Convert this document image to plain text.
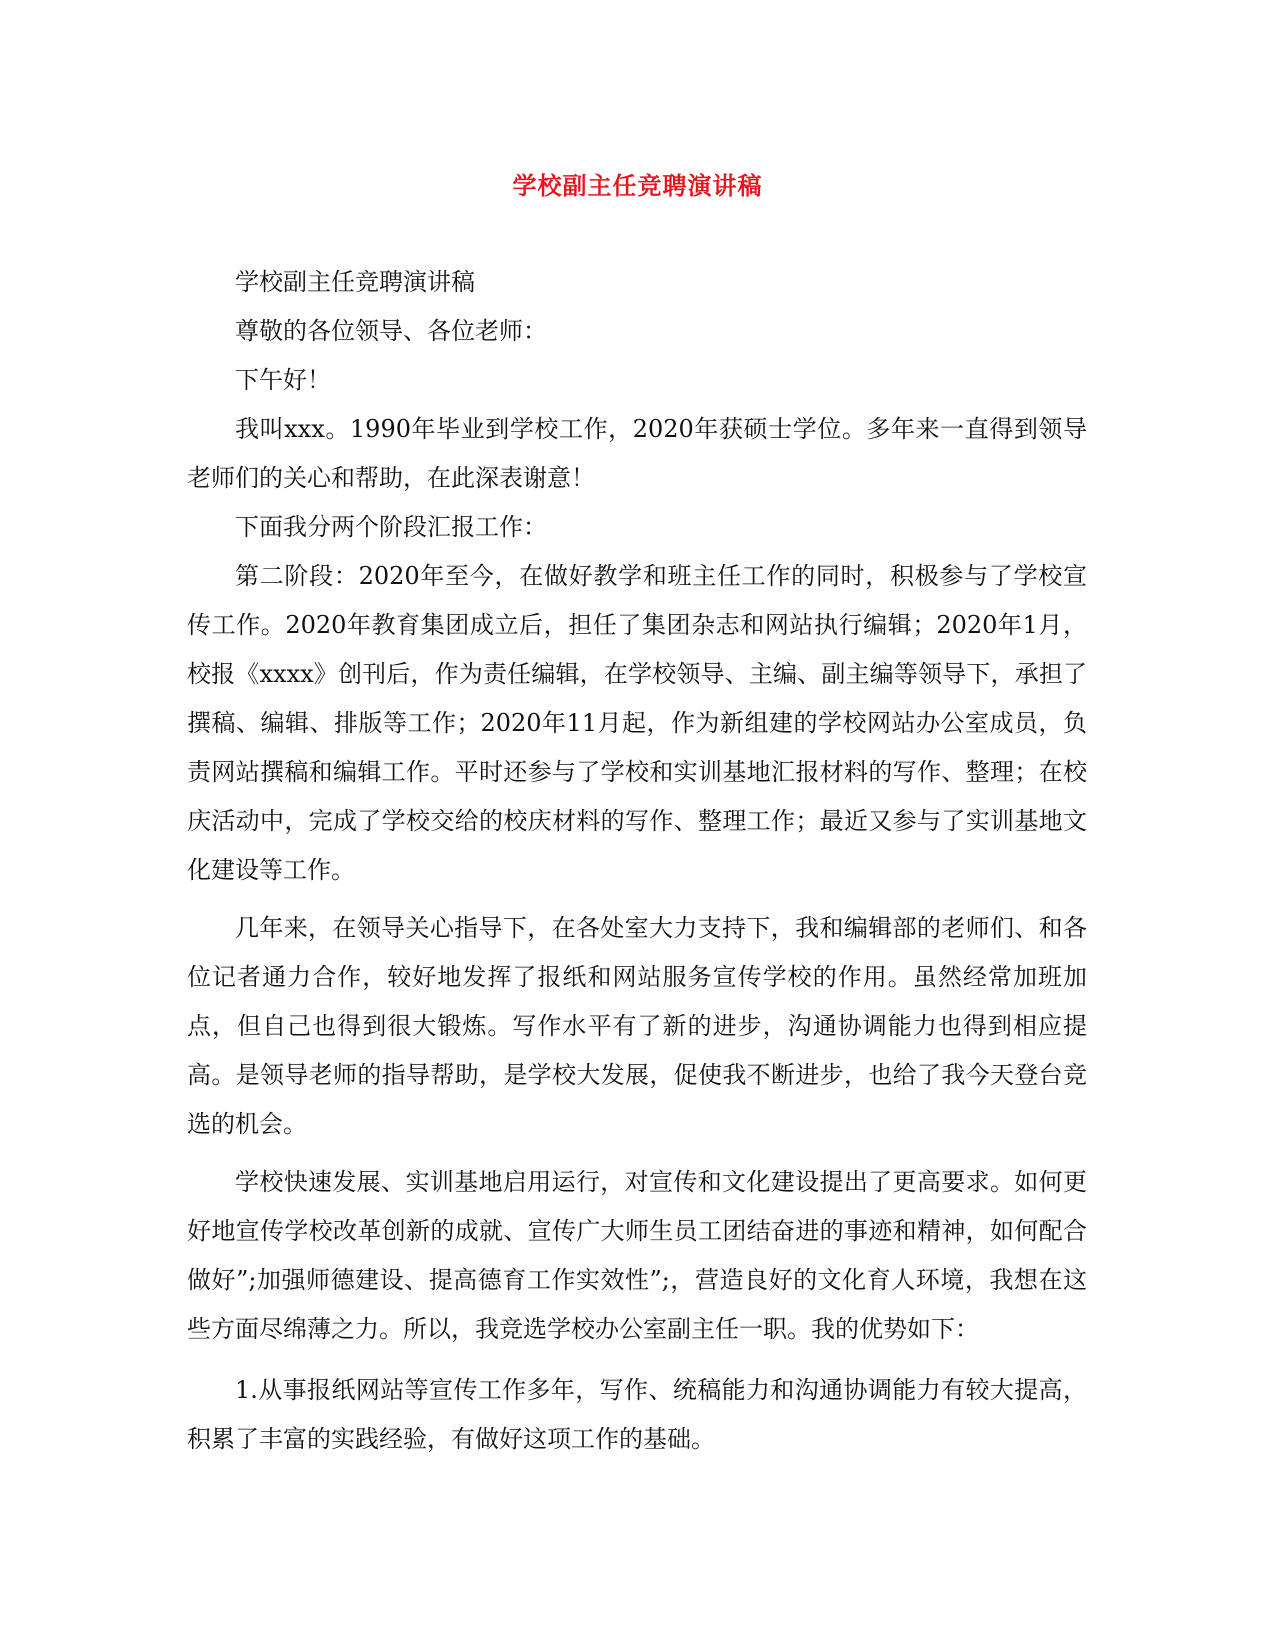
学校副主任竞聘演讲稿

学校副主任竞聘演讲稿

尊敬的各位领导、各位老师：

下午好！

我叫xxx。1990年毕业到学校工作，2020年获硕士学位。多年来一直得到领导老师们的关心和帮助，在此深表谢意！

下面我分两个阶段汇报工作：

第二阶段：2020年至今，在做好教学和班主任工作的同时，积极参与了学校宣传工作。2020年教育集团成立后，担任了集团杂志和网站执行编辑；2020年1月，校报《xxxx》创刊后，作为责任编辑，在学校领导、主编、副主编等领导下，承担了撰稿、编辑、排版等工作；2020年11月起，作为新组建的学校网站办公室成员，负责网站撰稿和编辑工作。平时还参与了学校和实训基地汇报材料的写作、整理；在校庆活动中，完成了学校交给的校庆材料的写作、整理工作；最近又参与了实训基地文化建设等工作。

几年来，在领导关心指导下，在各处室大力支持下，我和编辑部的老师们、和各位记者通力合作，较好地发挥了报纸和网站服务宣传学校的作用。虽然经常加班加点，但自己也得到很大锻炼。写作水平有了新的进步，沟通协调能力也得到相应提高。是领导老师的指导帮助，是学校大发展，促使我不断进步，也给了我今天登台竞选的机会。

学校快速发展、实训基地启用运行，对宣传和文化建设提出了更高要求。如何更好地宣传学校改革创新的成就、宣传广大师生员工团结奋进的事迹和精神，如何配合做好”;加强师德建设、提高德育工作实效性”;，营造良好的文化育人环境，我想在这些方面尽绵薄之力。所以，我竞选学校办公室副主任一职。我的优势如下：

1.从事报纸网站等宣传工作多年，写作、统稿能力和沟通协调能力有较大提高，积累了丰富的实践经验，有做好这项工作的基础。
